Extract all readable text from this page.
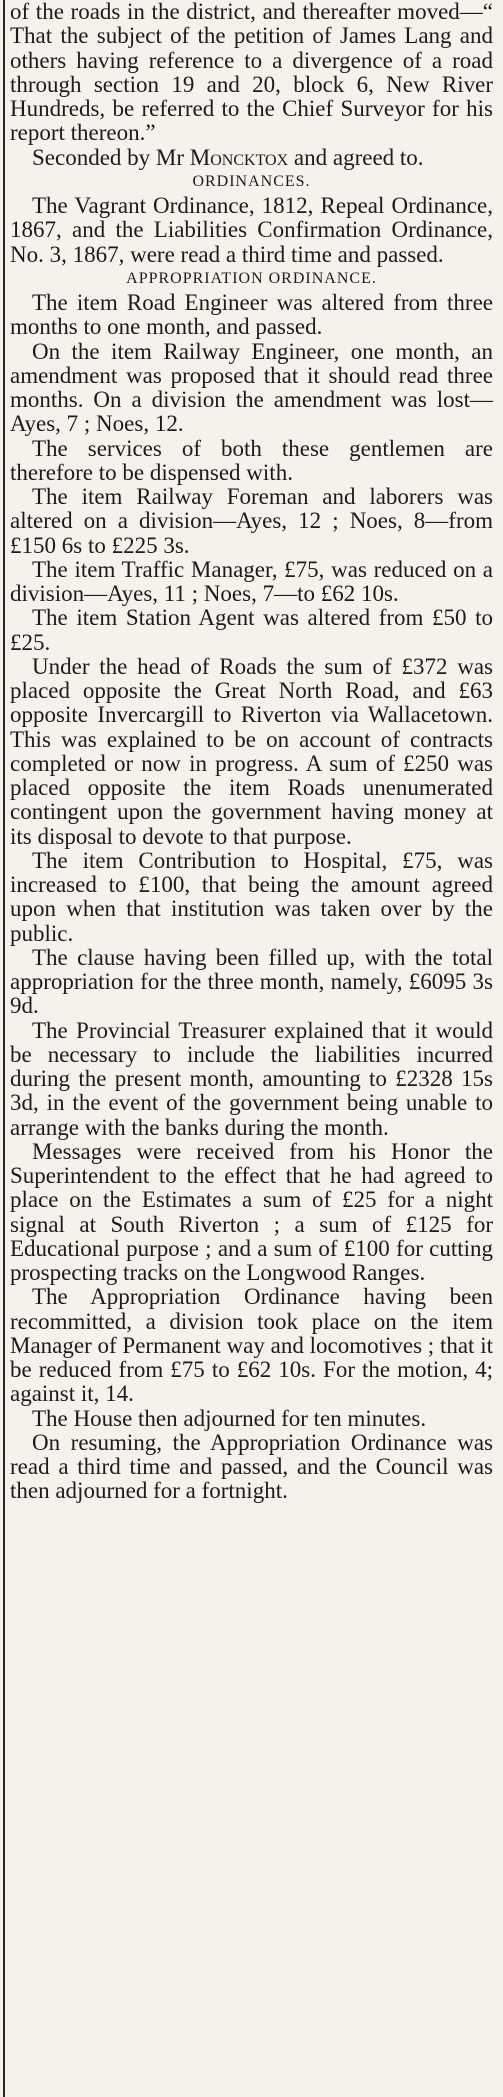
of the roads in the district, and thereafter moved—“ That the subject of the petition of James Lang and others having reference to a divergence of a road through section 19 and 20, block 6, New River Hundreds, be referred to the Chief Surveyor for his report thereon.”

Seconded by Mr Moncktox and agreed to.

ORDINANCES.

The Vagrant Ordinance, 1812, Repeal Ordinance, 1867, and the Liabilities Confirmation Ordinance, No. 3, 1867, were read a third time and passed.

APPROPRIATION ORDINANCE.

The item Road Engineer was altered from three months to one month, and passed.

On the item Railway Engineer, one month, an amendment was proposed that it should read three months. On a division the amendment was lost—Ayes, 7 ; Noes, 12.

The services of both these gentlemen are therefore to be dispensed with.

The item Railway Foreman and laborers was altered on a division—Ayes, 12 ; Noes, 8—from £150 6s to £225 3s.

The item Traffic Manager, £75, was reduced on a division—Ayes, 11 ; Noes, 7—to £62 10s.

The item Station Agent was altered from £50 to £25.

Under the head of Roads the sum of £372 was placed opposite the Great North Road, and £63 opposite Invercargill to Riverton via Wallacetown. This was explained to be on account of contracts completed or now in progress. A sum of £250 was placed opposite the item Roads unenumerated contingent upon the government having money at its disposal to devote to that purpose.

The item Contribution to Hospital, £75, was increased to £100, that being the amount agreed upon when that institution was taken over by the public.

The clause having been filled up, with the total appropriation for the three month, namely, £6095 3s 9d.

The Provincial Treasurer explained that it would be necessary to include the liabilities incurred during the present month, amounting to £2328 15s 3d, in the event of the government being unable to arrange with the banks during the month.

Messages were received from his Honor the Superintendent to the effect that he had agreed to place on the Estimates a sum of £25 for a night signal at South Riverton ; a sum of £125 for Educational purpose ; and a sum of £100 for cutting prospecting tracks on the Longwood Ranges.

The Appropriation Ordinance having been recommitted, a division took place on the item Manager of Permanent way and locomotives ; that it be reduced from £75 to £62 10s. For the motion, 4; against it, 14.

The House then adjourned for ten minutes.

On resuming, the Appropriation Ordinance was read a third time and passed, and the Council was then adjourned for a fortnight.
